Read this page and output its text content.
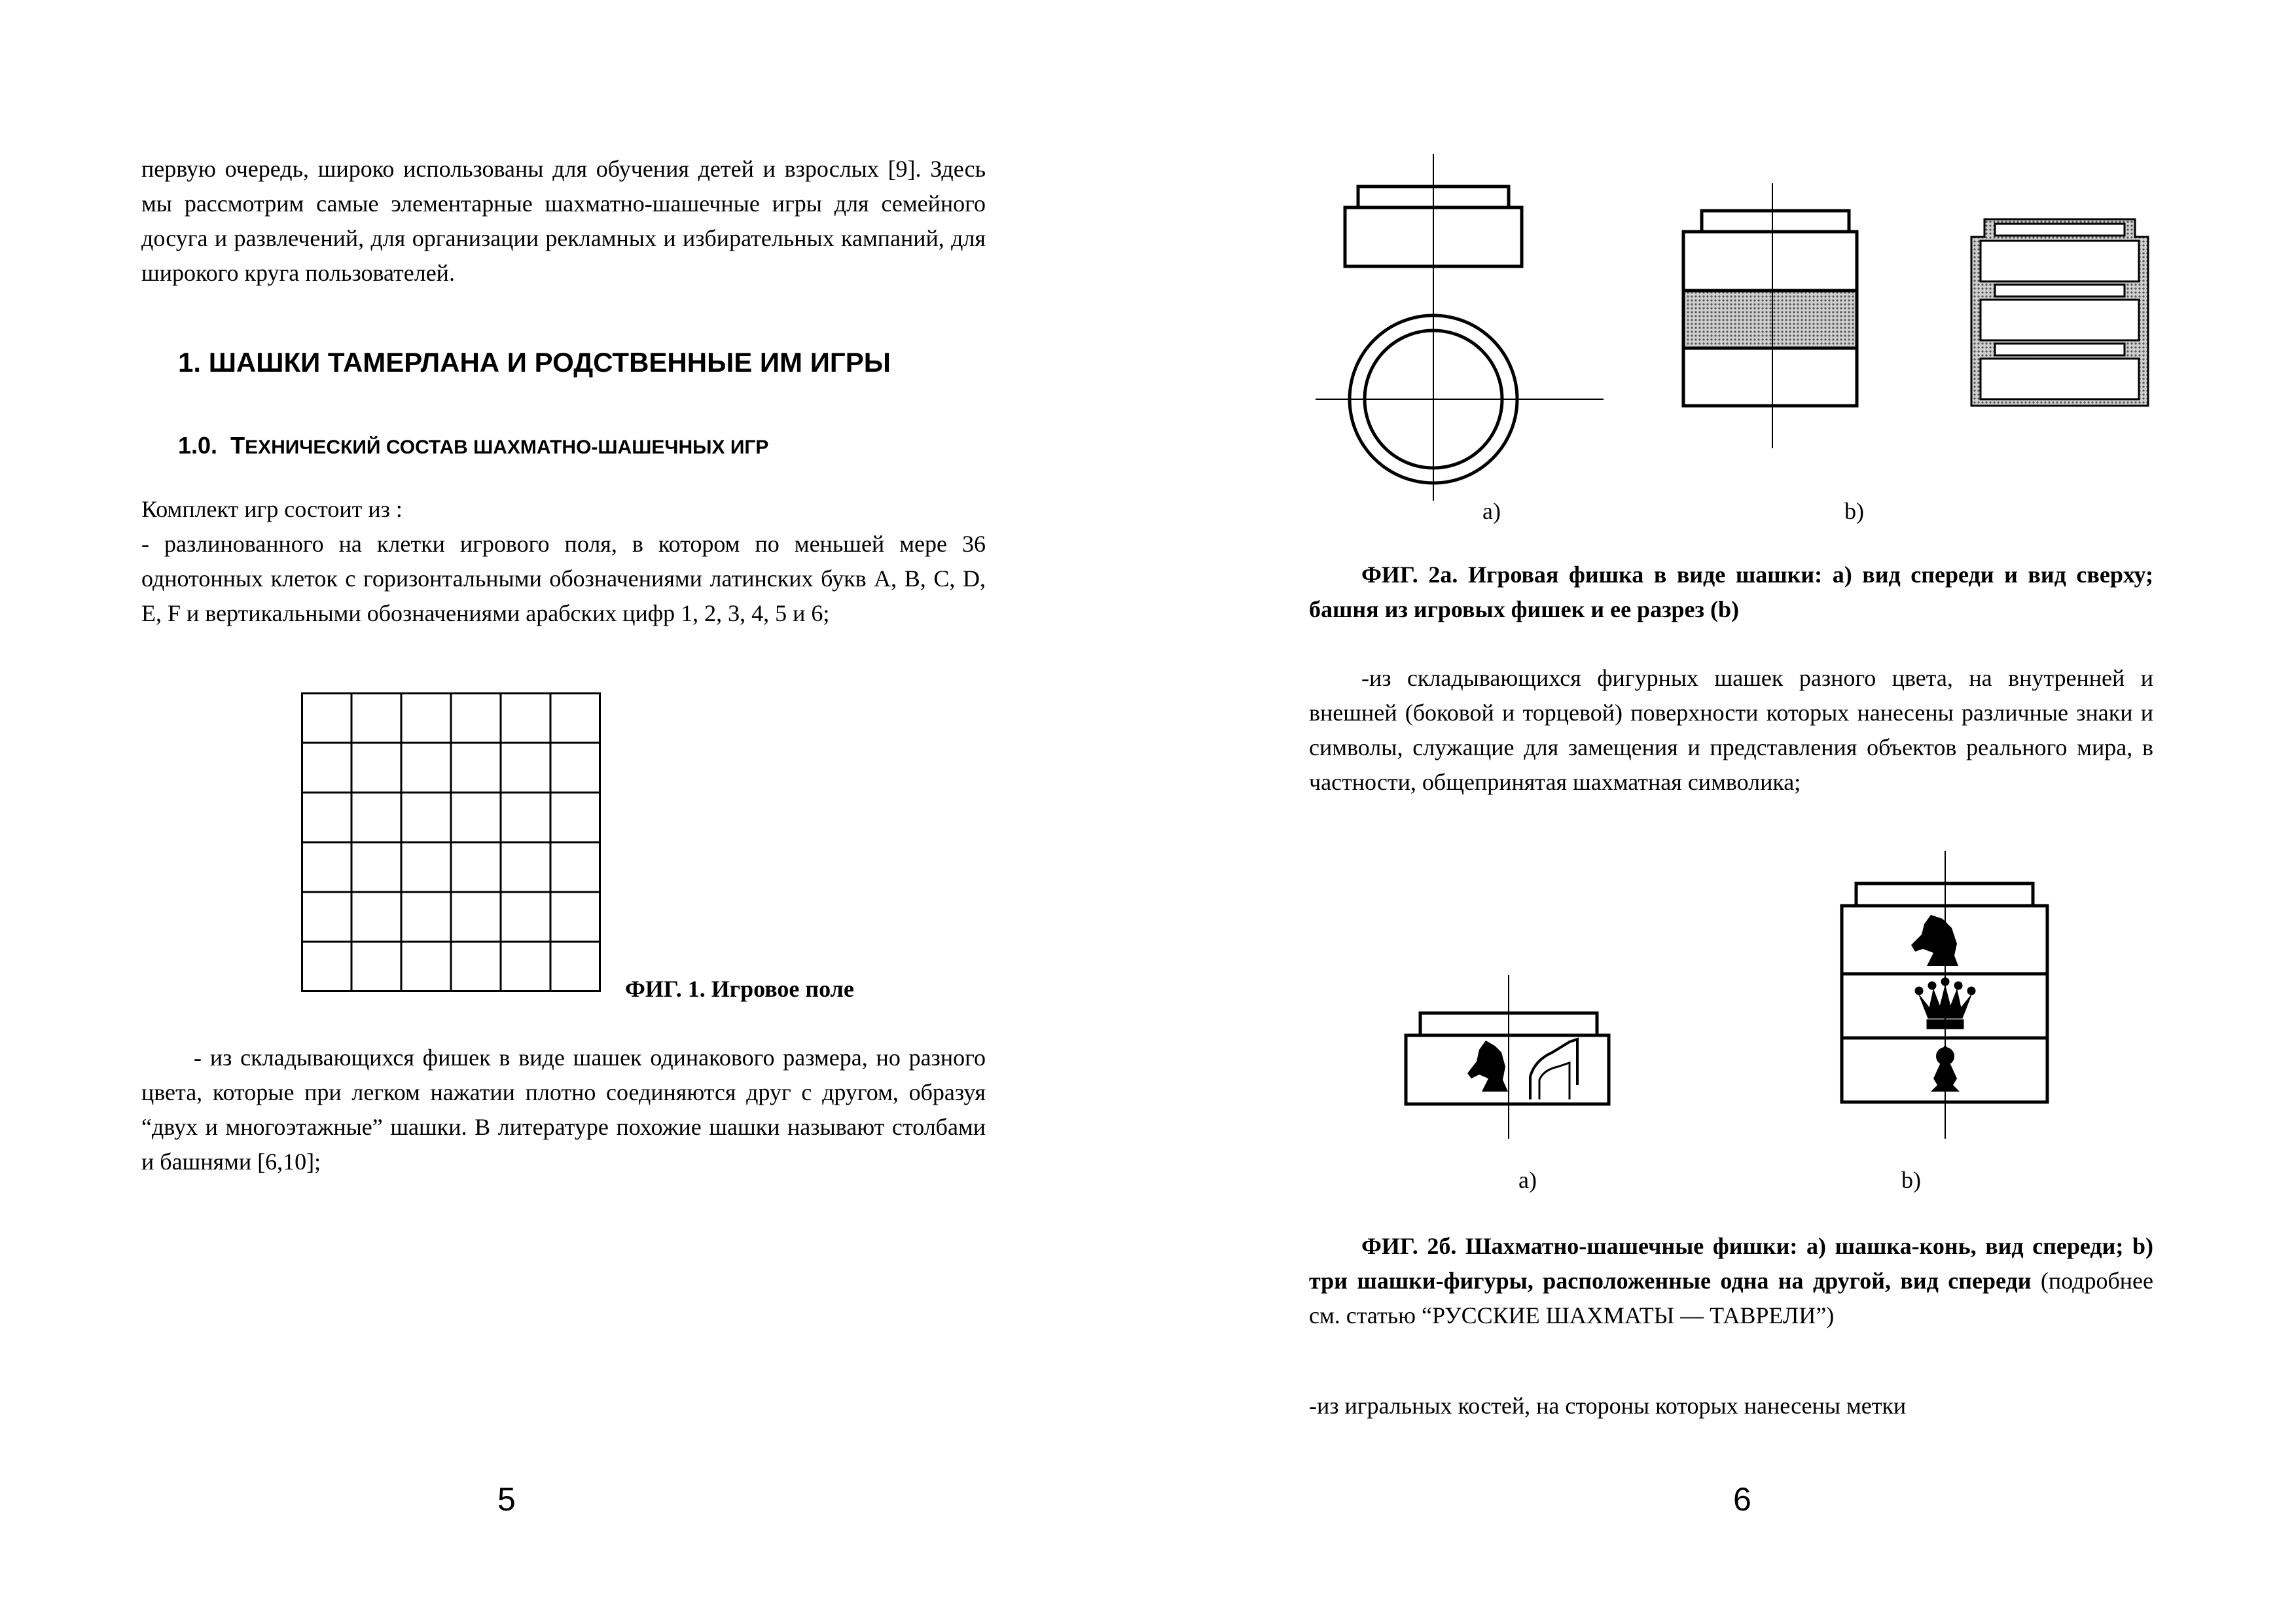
первую очередь, широко использованы для обучения детей и взрослых [9]. Здесь мы рассмотрим самые элементарные шахматно-шашечные игры для семейного досуга и развлечений, для организации рекламных и избирательных кампаний, для широкого круга пользователей.

1. ШАШКИ ТАМЕРЛАНА И РОДСТВЕННЫЕ ИМ ИГРЫ
1.0. ТЕХНИЧЕСКИЙ СОСТАВ ШАХМАТНО-ШАШЕЧНЫХ ИГР

Комплект игр состоит из :

- разлинованного на клетки игрового поля, в котором по меньшей мере 36 однотонных клеток с горизонтальными обозначениями латинских букв A, B, C, D, E, F и вертикальными обозначениями арабских цифр 1, 2, 3, 4, 5 и 6;

ФИГ. 1. Игровое поле

- из складывающихся фишек в виде шашек одинакового размера, но разного цвета, которые при легком нажатии плотно соединяются друг с другом, образуя “двух и многоэтажные” шашки. В литературе похожие шашки называют столбами и башнями [6,10];

5
a)	b)

ФИГ. 2а. Игровая фишка в виде шашки: а) вид спереди и вид сверху; башня из игровых фишек и ее разрез (b)

-из складывающихся фигурных шашек разного цвета, на внутренней и внешней (боковой и торцевой) поверхности которых нанесены различные знаки и символы, служащие для замещения и представления объектов реального мира, в частности, общепринятая шахматная символика;

a)	b)

ФИГ. 2б. Шахматно-шашечные фишки: а) шашка-конь, вид спереди; b) три шашки-фигуры, расположенные одна на другой, вид спереди (подробнее см. статью “РУССКИЕ ШАХМАТЫ — ТАВРЕЛИ”)

-из игральных костей, на стороны которых нанесены метки

6
